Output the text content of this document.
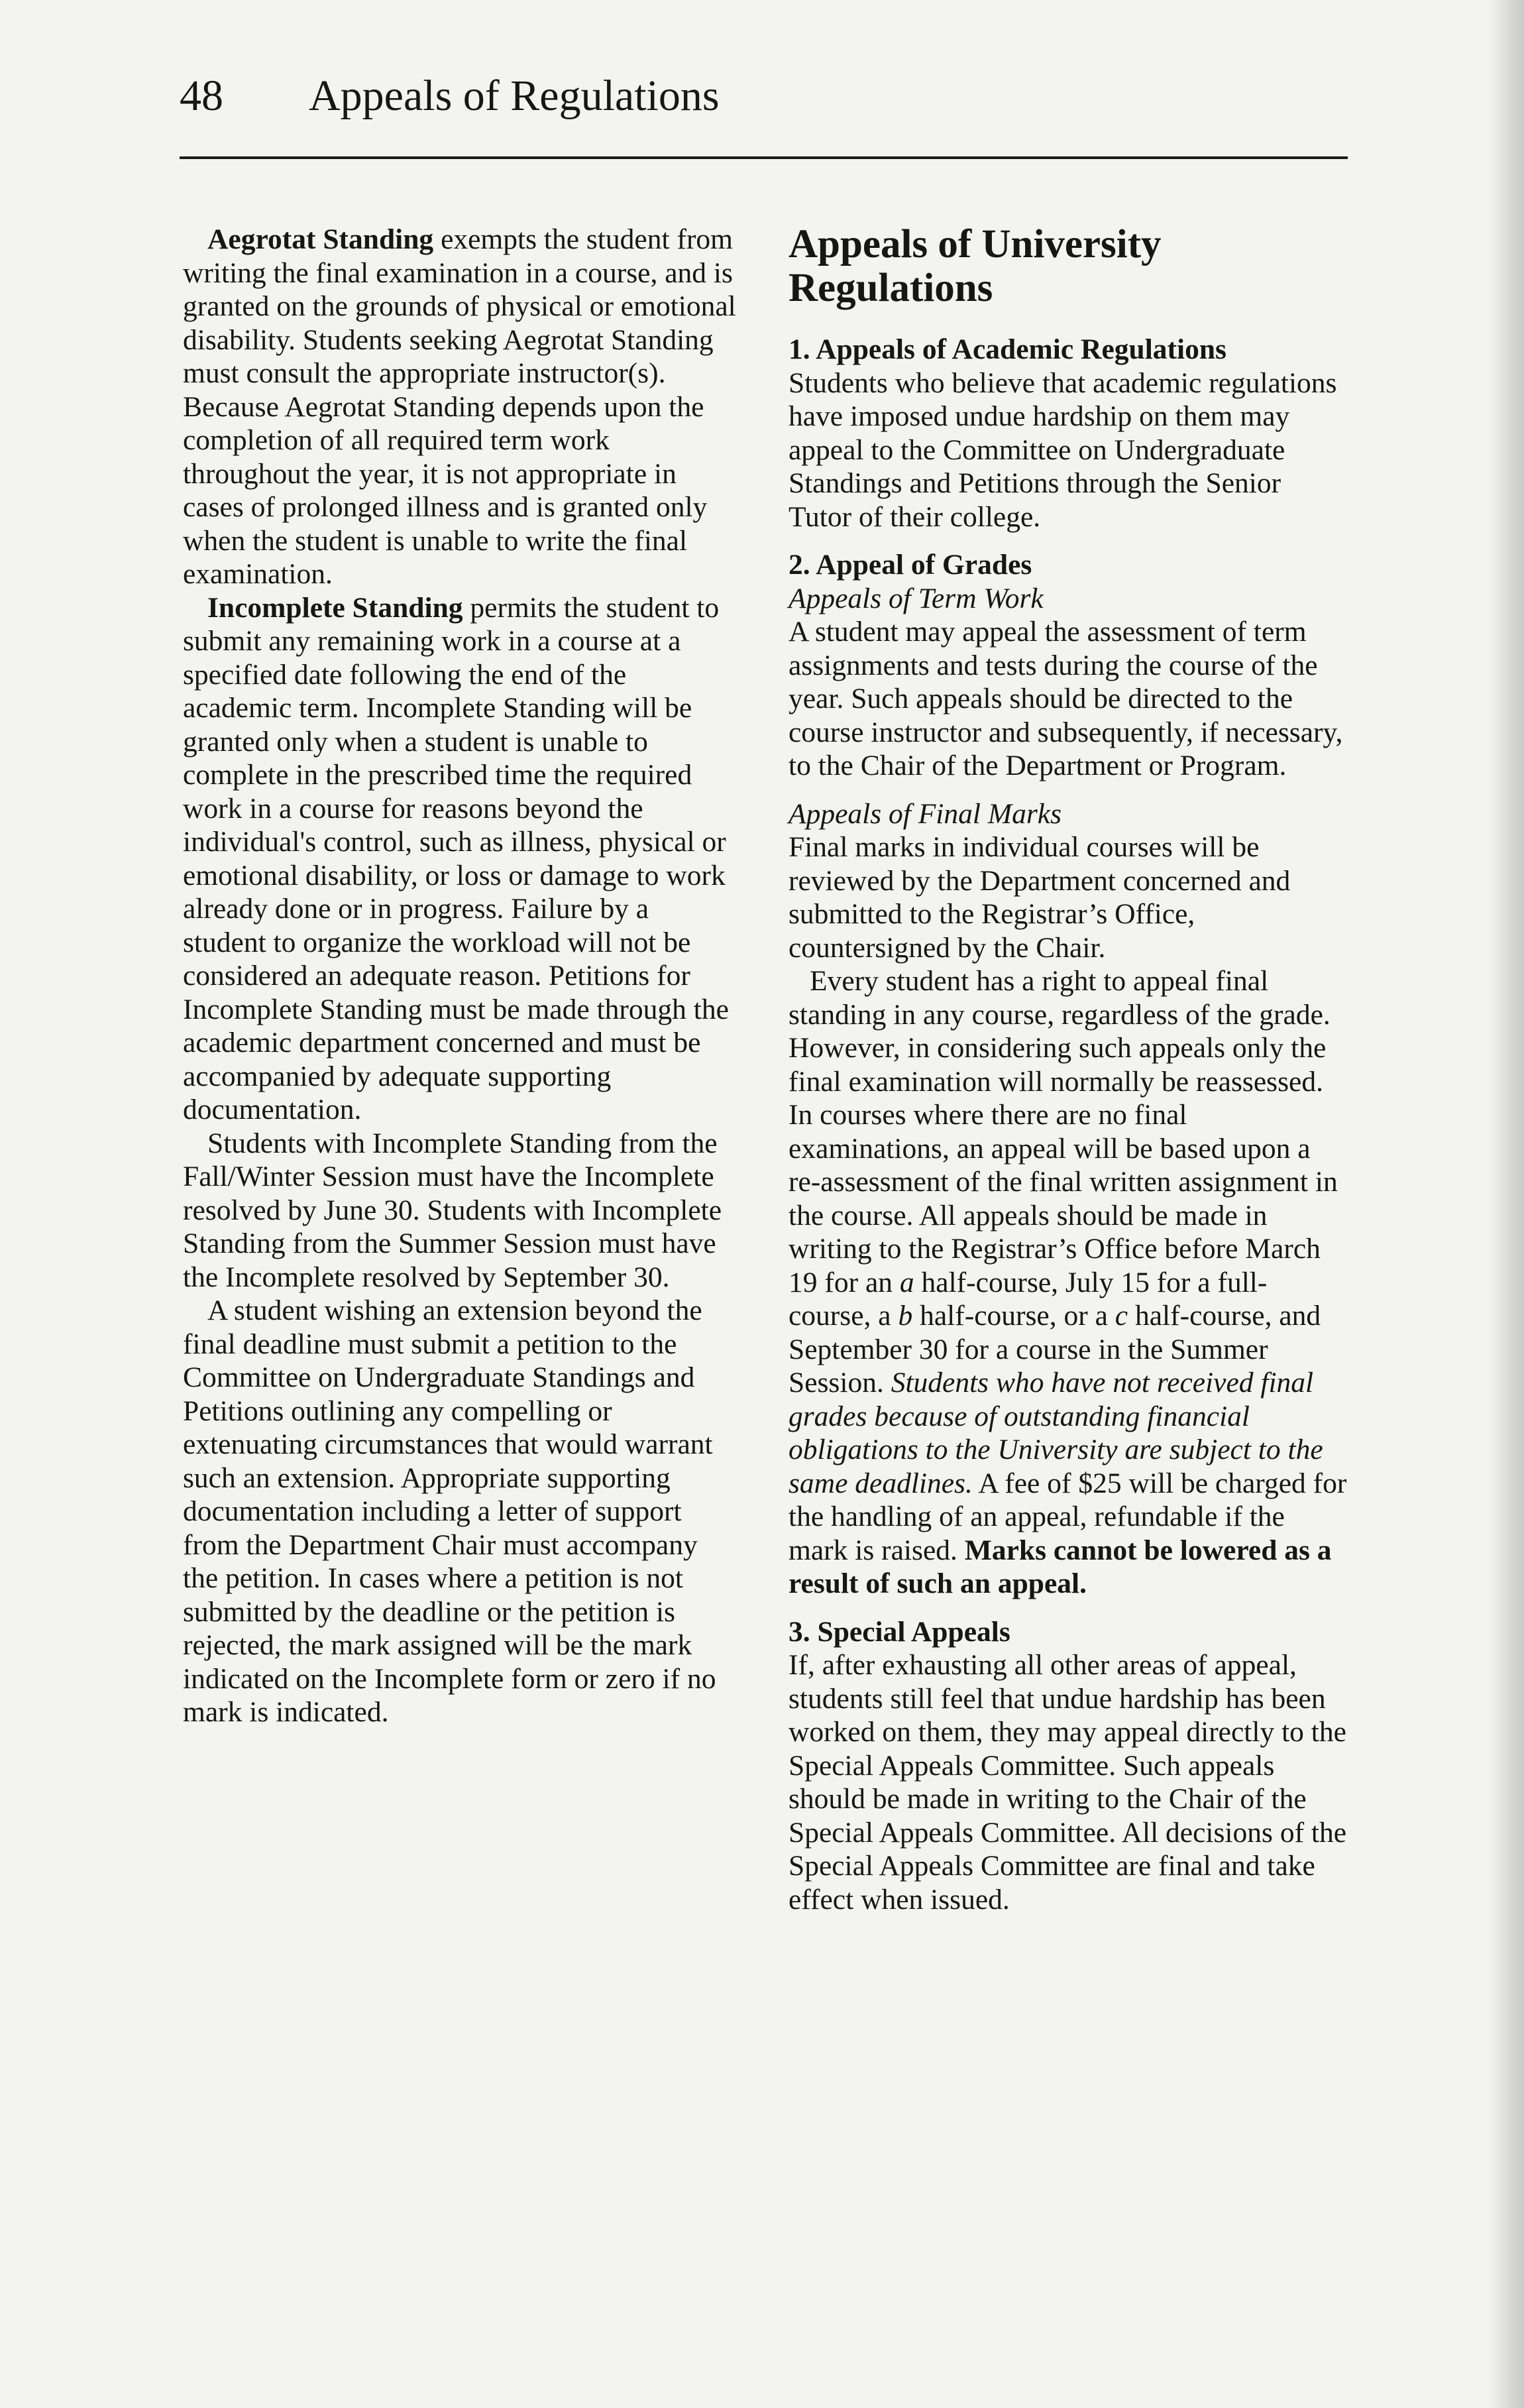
48 Appeals of Regulations

Aegrotat Standing exempts the student from writing the final examination in a course, and is granted on the grounds of physical or emotional disability. Students seeking Aegrotat Standing must consult the appropriate instructor(s). Because Aegrotat Standing depends upon the completion of all required term work throughout the year, it is not appropriate in cases of prolonged illness and is granted only when the student is unable to write the final examination.

Incomplete Standing permits the student to submit any remaining work in a course at a specified date following the end of the academic term. Incomplete Standing will be granted only when a student is unable to complete in the prescribed time the required work in a course for reasons beyond the individual's control, such as illness, physical or emotional disability, or loss or damage to work already done or in progress. Failure by a student to organize the workload will not be considered an adequate reason. Petitions for Incomplete Standing must be made through the academic department concerned and must be accompanied by adequate supporting documentation.

Students with Incomplete Standing from the Fall/Winter Session must have the Incomplete resolved by June 30. Students with Incomplete Standing from the Summer Session must have the Incomplete resolved by September 30.

A student wishing an extension beyond the final deadline must submit a petition to the Committee on Undergraduate Standings and Petitions outlining any compelling or extenuating circumstances that would warrant such an extension. Appropriate supporting documentation including a letter of support from the Department Chair must accompany the petition. In cases where a petition is not submitted by the deadline or the petition is rejected, the mark assigned will be the mark indicated on the Incomplete form or zero if no mark is indicated.

Appeals of University Regulations

1. Appeals of Academic Regulations

Students who believe that academic regulations have imposed undue hardship on them may appeal to the Committee on Undergraduate Standings and Petitions through the Senior Tutor of their college.

2. Appeal of Grades

Appeals of Term Work

A student may appeal the assessment of term assignments and tests during the course of the year. Such appeals should be directed to the course instructor and subsequently, if necessary, to the Chair of the Department or Program.

Appeals of Final Marks

Final marks in individual courses will be reviewed by the Department concerned and submitted to the Registrar’s Office, countersigned by the Chair.

Every student has a right to appeal final standing in any course, regardless of the grade. However, in considering such appeals only the final examination will normally be reassessed. In courses where there are no final examinations, an appeal will be based upon a re-assessment of the final written assignment in the course. All appeals should be made in writing to the Registrar’s Office before March 19 for an a half-course, July 15 for a full-course, a b half-course, or a c half-course, and September 30 for a course in the Summer Session. Students who have not received final grades because of outstanding financial obligations to the University are subject to the same deadlines. A fee of $25 will be charged for the handling of an appeal, refundable if the mark is raised. Marks cannot be lowered as a result of such an appeal.

3. Special Appeals

If, after exhausting all other areas of appeal, students still feel that undue hardship has been worked on them, they may appeal directly to the Special Appeals Committee. Such appeals should be made in writing to the Chair of the Special Appeals Committee. All decisions of the Special Appeals Committee are final and take effect when issued.
